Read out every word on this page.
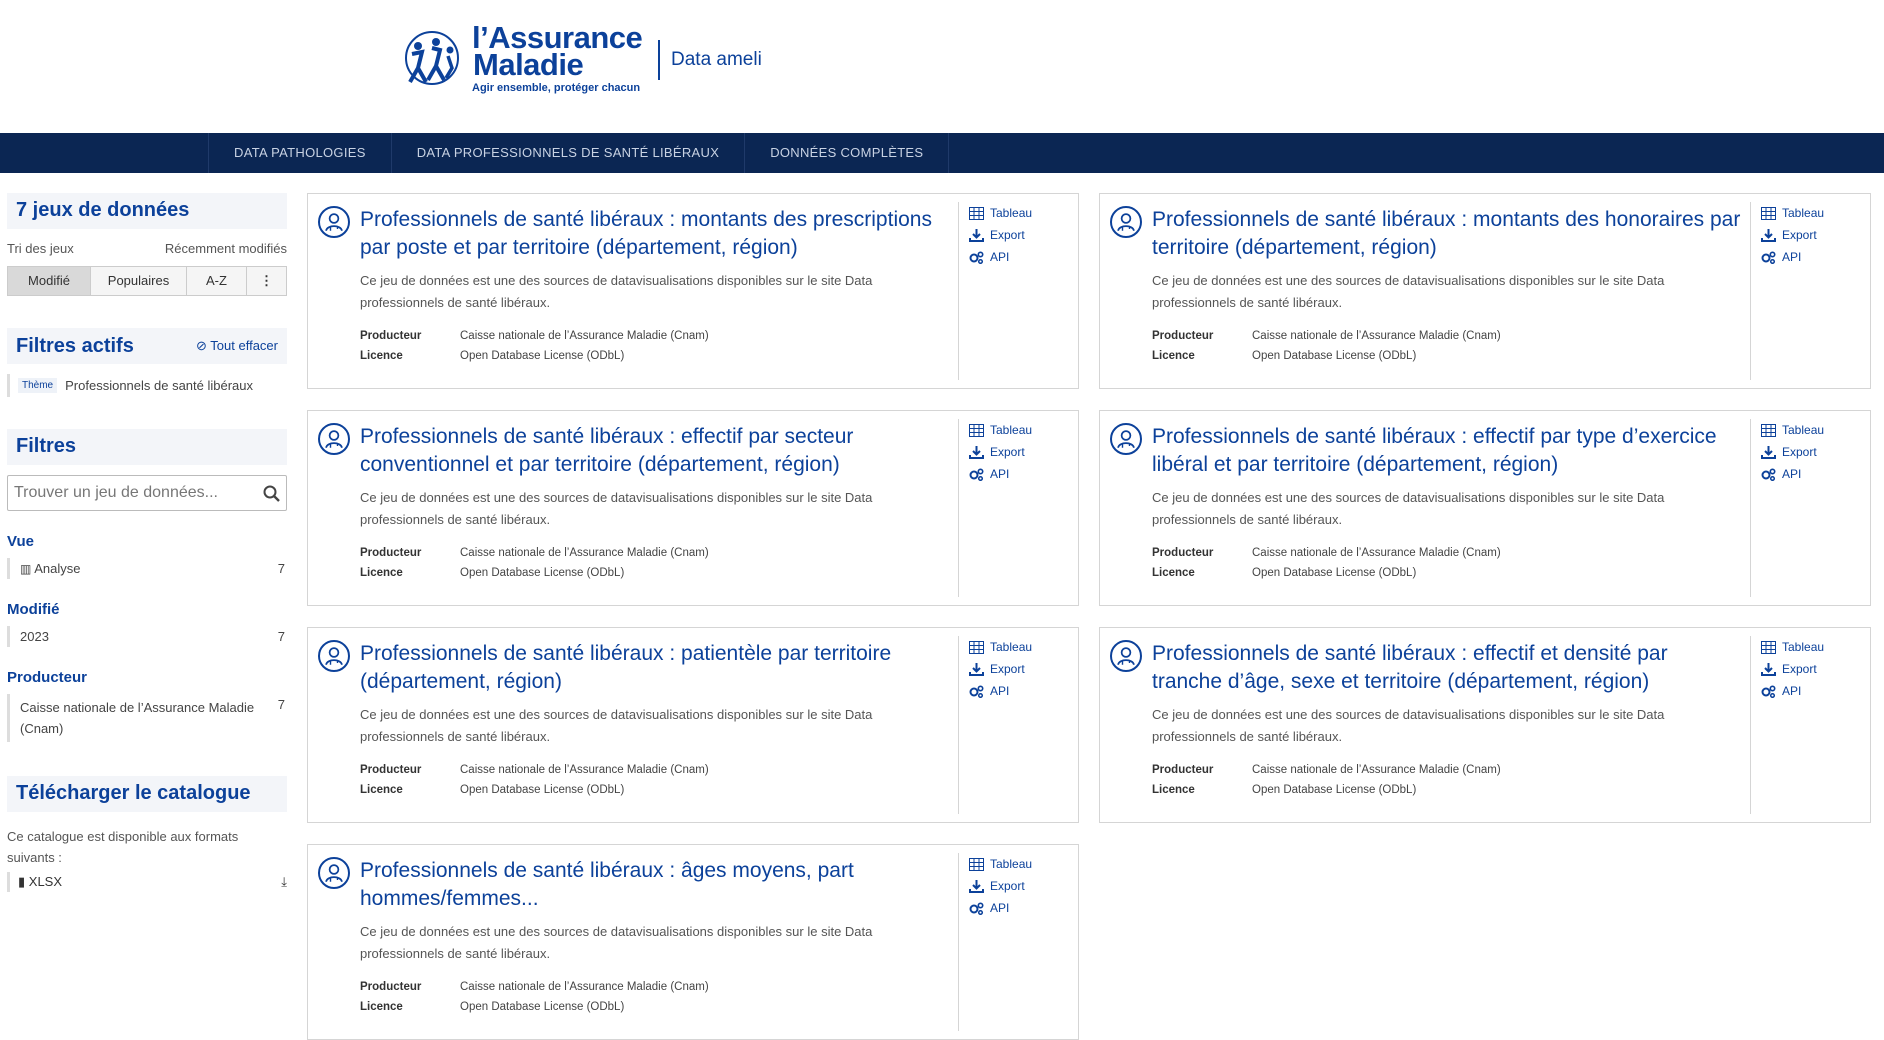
l’Assurance
Maladie
Agir ensemble, protéger chacun
Data ameli
DATA PATHOLOGIES	DATA PROFESSIONNELS DE SANTÉ LIBÉRAUX	DONNÉES COMPLÈTES
7 jeux de données
Tri des jeux	Récemment modifiés
Modifié	Populaires	A-Z	⋮
Filtres actifs	⊘ Tout effacer
Thème Professionnels de santé libéraux
Filtres
Trouver un jeu de données...
Vue
▥ Analyse	7
Modifié
2023	7
Producteur
Caisse nationale de l’Assurance Maladie (Cnam)
7
Télécharger le catalogue
Ce catalogue est disponible aux formats suivants :
▮ XLSX	⤓
Professionnels de santé libéraux : montants des prescriptions par poste et par territoire (département, région)
Ce jeu de données est une des sources de datavisualisations disponibles sur le site Data professionnels de santé libéraux.
Producteur	Caisse nationale de l’Assurance Maladie (Cnam)
Licence	Open Database License (ODbL)
Tableau
Export
API
Professionnels de santé libéraux : montants des honoraires par territoire (département, région)
Ce jeu de données est une des sources de datavisualisations disponibles sur le site Data professionnels de santé libéraux.
Producteur	Caisse nationale de l’Assurance Maladie (Cnam)
Licence	Open Database License (ODbL)
Tableau
Export
API
Professionnels de santé libéraux : effectif par secteur conventionnel et par territoire (département, région)
Ce jeu de données est une des sources de datavisualisations disponibles sur le site Data professionnels de santé libéraux.
Producteur	Caisse nationale de l’Assurance Maladie (Cnam)
Licence	Open Database License (ODbL)
Tableau
Export
API
Professionnels de santé libéraux : effectif par type d’exercice libéral et par territoire (département, région)
Ce jeu de données est une des sources de datavisualisations disponibles sur le site Data professionnels de santé libéraux.
Producteur	Caisse nationale de l’Assurance Maladie (Cnam)
Licence	Open Database License (ODbL)
Tableau
Export
API
Professionnels de santé libéraux : patientèle par territoire (département, région)
Ce jeu de données est une des sources de datavisualisations disponibles sur le site Data professionnels de santé libéraux.
Producteur	Caisse nationale de l’Assurance Maladie (Cnam)
Licence	Open Database License (ODbL)
Tableau
Export
API
Professionnels de santé libéraux : effectif et densité par tranche d’âge, sexe et territoire (département, région)
Ce jeu de données est une des sources de datavisualisations disponibles sur le site Data professionnels de santé libéraux.
Producteur	Caisse nationale de l’Assurance Maladie (Cnam)
Licence	Open Database License (ODbL)
Tableau
Export
API
Professionnels de santé libéraux : âges moyens, part hommes/femmes...
Ce jeu de données est une des sources de datavisualisations disponibles sur le site Data professionnels de santé libéraux.
Producteur	Caisse nationale de l’Assurance Maladie (Cnam)
Licence	Open Database License (ODbL)
Tableau
Export
API
